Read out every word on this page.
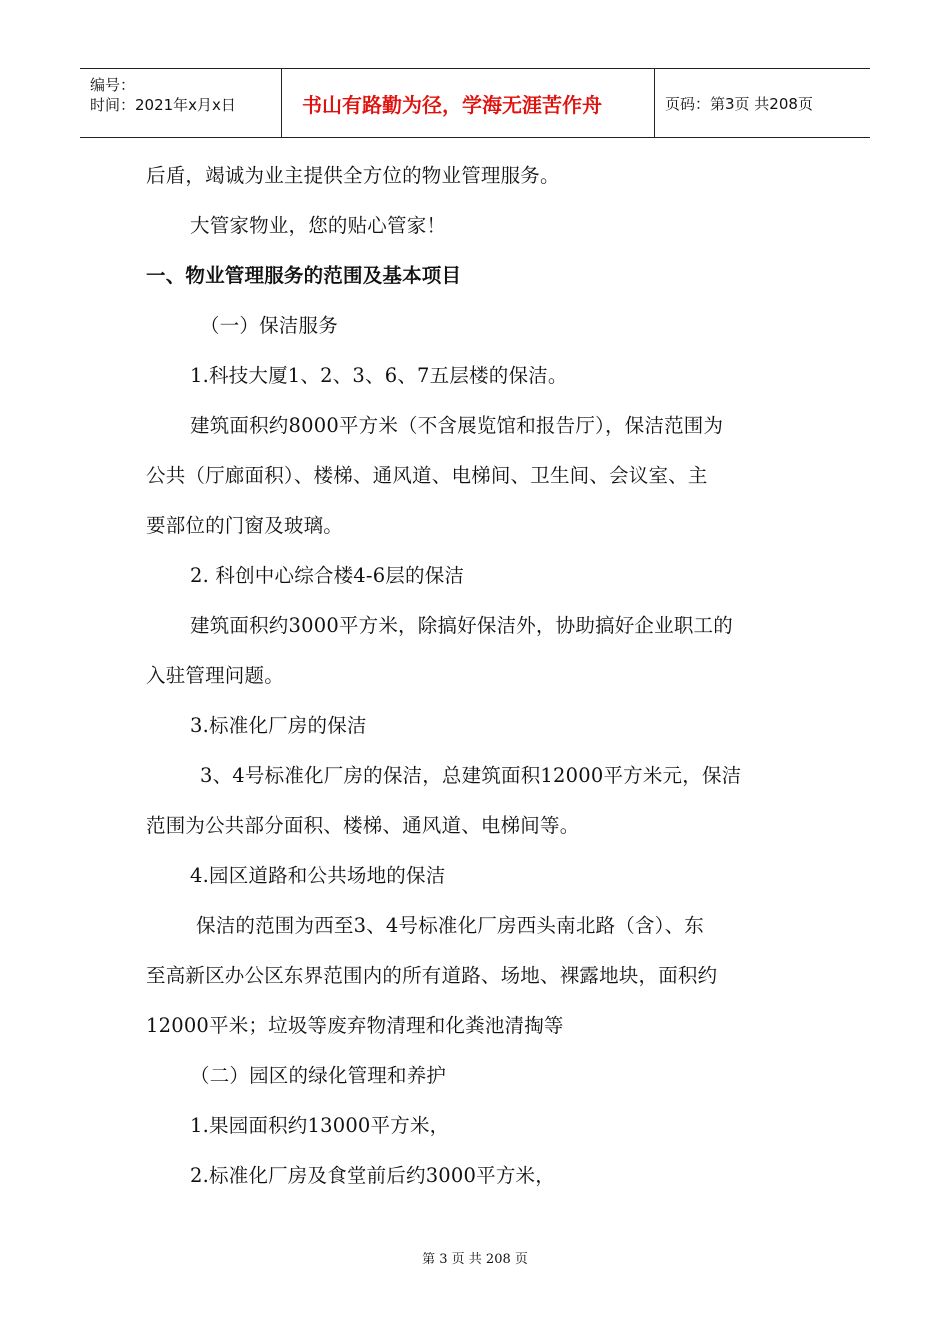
编号：
时间：2021年x月x日	书山有路勤为径，学海无涯苦作舟	页码：第3页 共208页
后盾，竭诚为业主提供全方位的物业管理服务。
大管家物业，您的贴心管家！
一、物业管理服务的范围及基本项目
（一）保洁服务
1.科技大厦1、2、3、6、7五层楼的保洁。
建筑面积约8000平方米（不含展览馆和报告厅），保洁范围为
公共（厅廊面积）、楼梯、通风道、电梯间、卫生间、会议室、主
要部位的门窗及玻璃。
2. 科创中心综合楼4-6层的保洁
建筑面积约3000平方米，除搞好保洁外，协助搞好企业职工的
入驻管理问题。
3.标准化厂房的保洁
3、4号标准化厂房的保洁，总建筑面积12000平方米元，保洁
范围为公共部分面积、楼梯、通风道、电梯间等。
4.园区道路和公共场地的保洁
保洁的范围为西至3、4号标准化厂房西头南北路（含）、东
至高新区办公区东界范围内的所有道路、场地、裸露地块，面积约
12000平米；垃圾等废弃物清理和化粪池清掏等
（二）园区的绿化管理和养护
1.果园面积约13000平方米，
2.标准化厂房及食堂前后约3000平方米，
第 3 页 共 208 页
